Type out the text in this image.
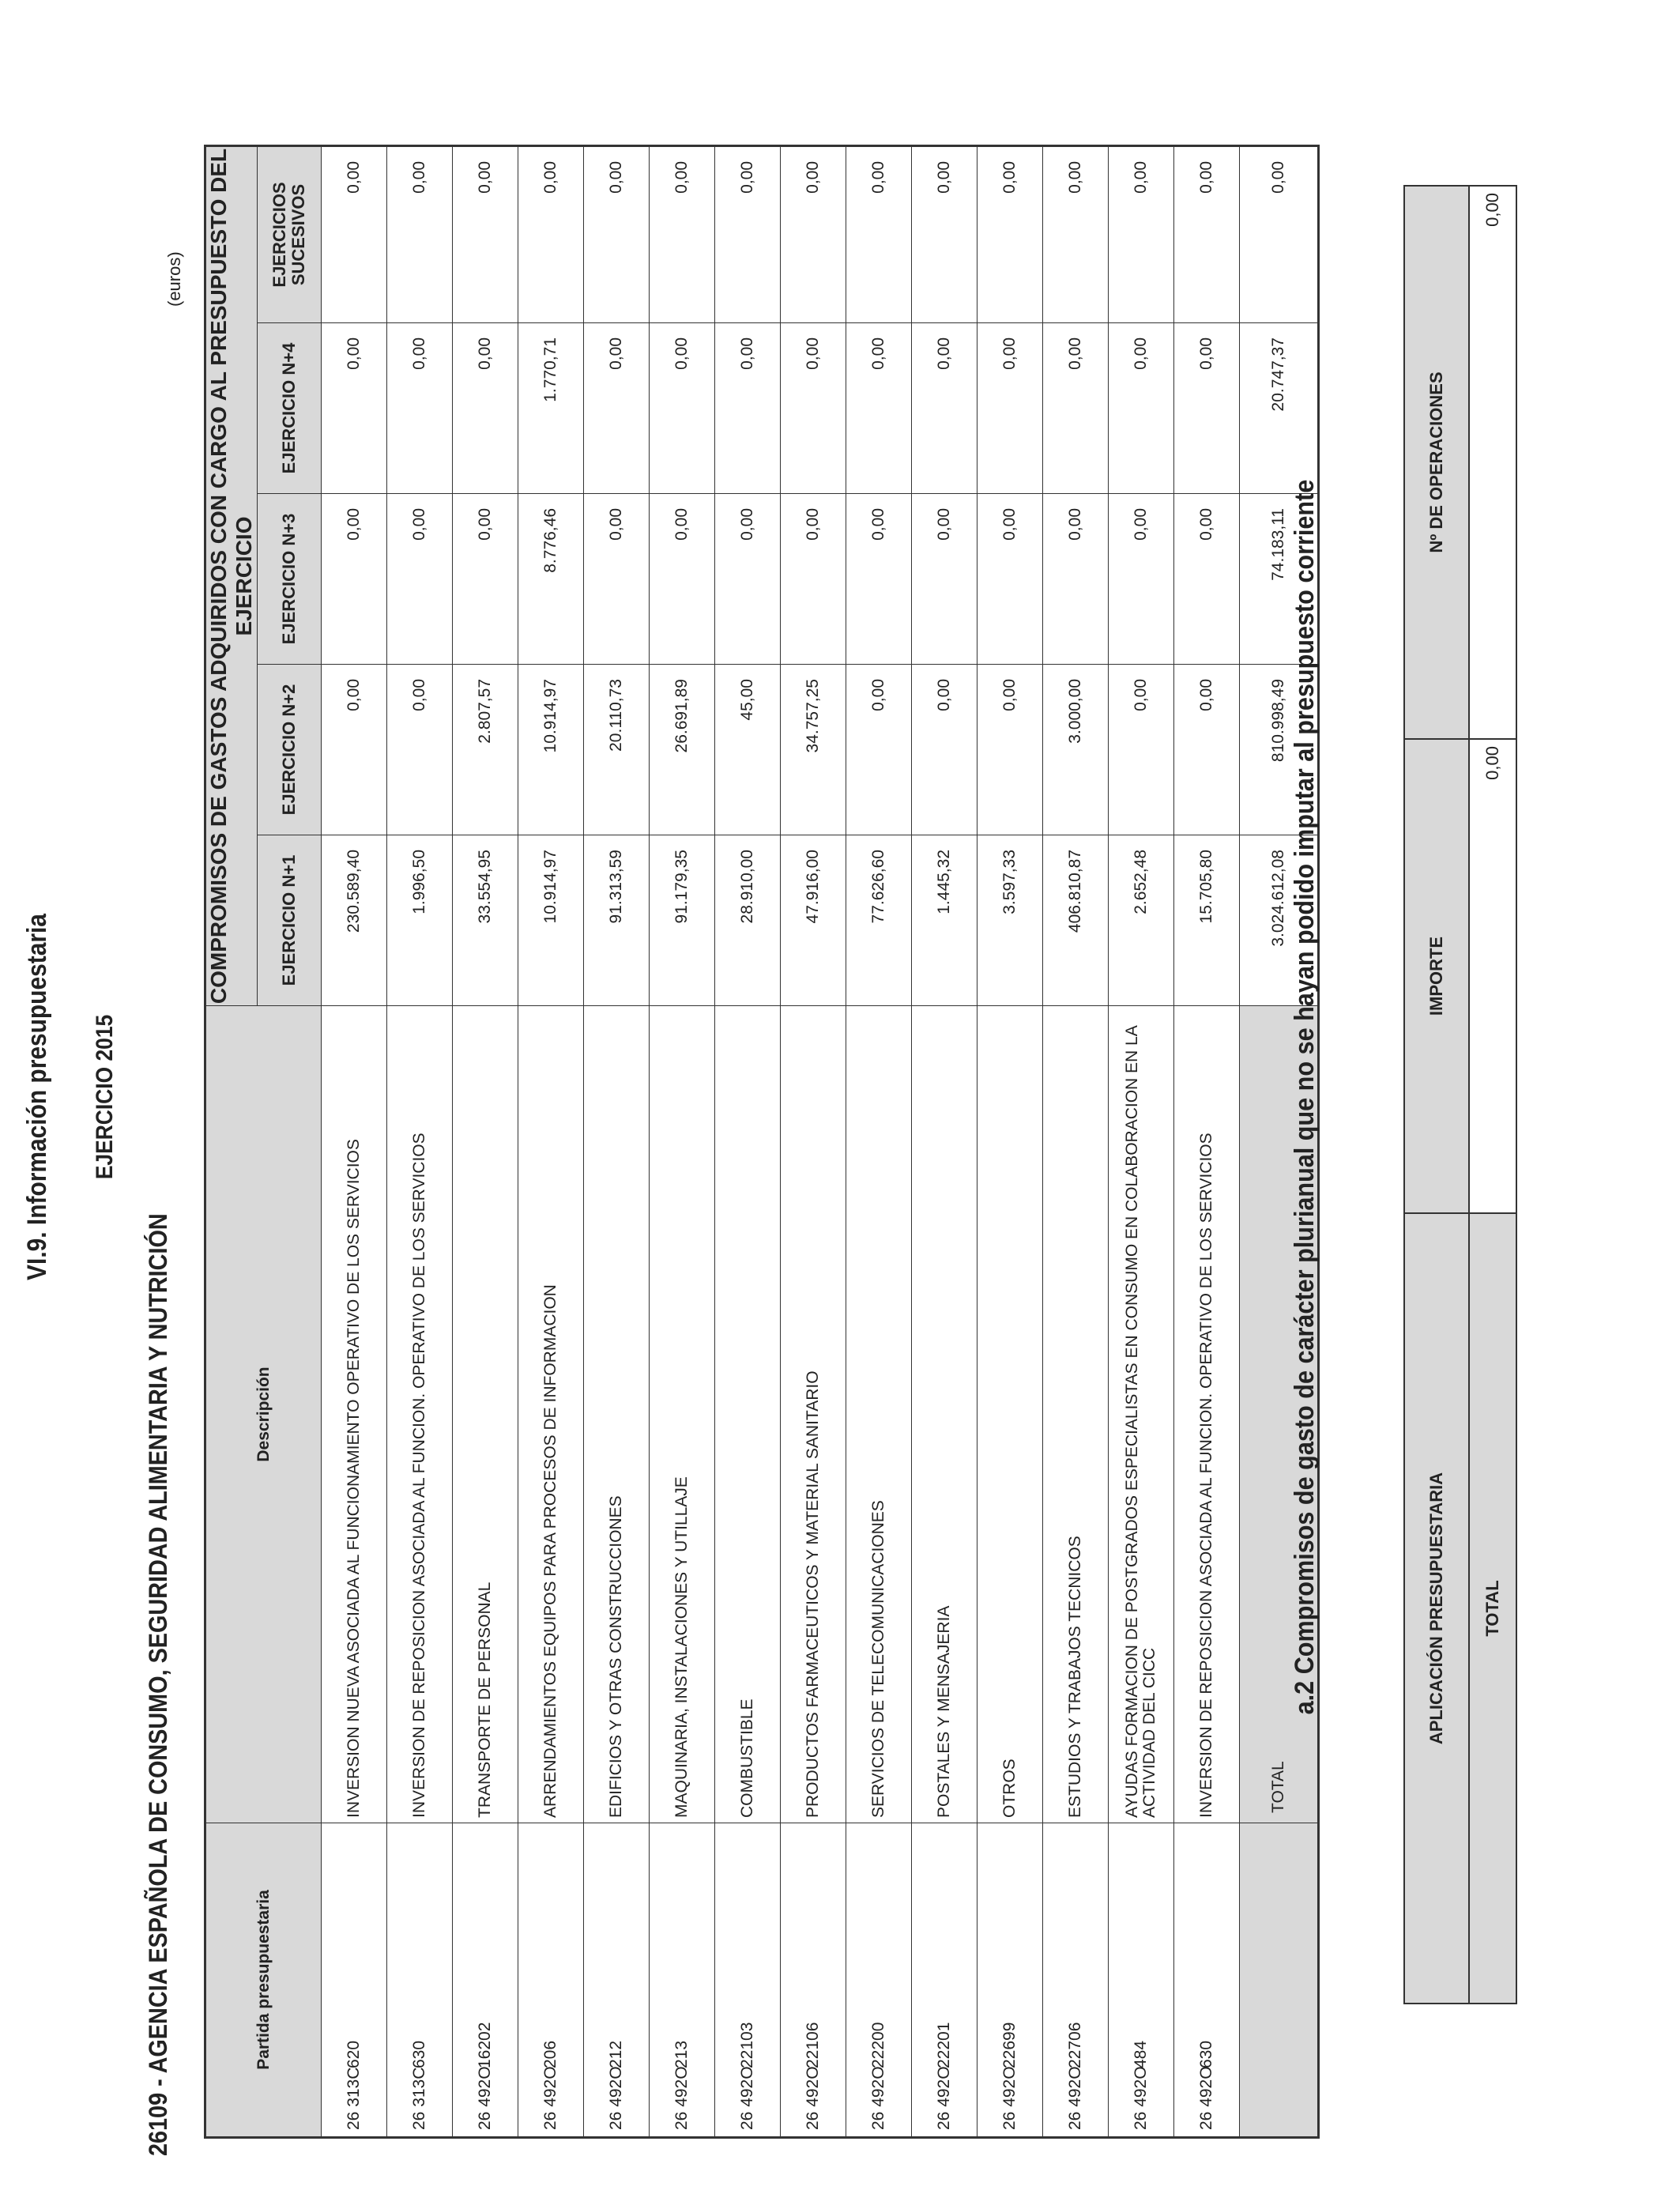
VI.9. Información presupuestaria EJERCICIO 2015
26109 - AGENCIA ESPAÑOLA DE CONSUMO, SEGURIDAD ALIMENTARIA Y NUTRICIÓN
(euros)
Partida presupuestaria	Descripción	COMPROMISOS DE GASTOS ADQUIRIDOS CON CARGO AL PRESUPUESTO DEL EJERCICIO				
		EJERCICIO N+1	EJERCICIO N+2	EJERCICIO N+3	EJERCICIO N+4	EJERCICIOS SUCESIVOS
26 313C620	INVERSION NUEVA ASOCIADA AL FUNCIONAMIENTO OPERATIVO DE LOS SERVICIOS	230.589,40	0,00	0,00	0,00	0,00
26 313C630	INVERSION DE REPOSICION ASOCIADA AL FUNCION. OPERATIVO DE LOS SERVICIOS	1.996,50	0,00	0,00	0,00	0,00
26 492O16202	TRANSPORTE DE PERSONAL	33.554,95	2.807,57	0,00	0,00	0,00
26 492O206	ARRENDAMIENTOS EQUIPOS PARA PROCESOS DE INFORMACION	10.914,97	10.914,97	8.776,46	1.770,71	0,00
26 492O212	EDIFICIOS Y OTRAS CONSTRUCCIONES	91.313,59	20.110,73	0,00	0,00	0,00
26 492O213	MAQUINARIA, INSTALACIONES Y UTILLAJE	91.179,35	26.691,89	0,00	0,00	0,00
26 492O22103	COMBUSTIBLE	28.910,00	45,00	0,00	0,00	0,00
26 492O22106	PRODUCTOS FARMACEUTICOS Y MATERIAL SANITARIO	47.916,00	34.757,25	0,00	0,00	0,00
26 492O22200	SERVICIOS DE TELECOMUNICACIONES	77.626,60	0,00	0,00	0,00	0,00
26 492O22201	POSTALES Y MENSAJERIA	1.445,32	0,00	0,00	0,00	0,00
26 492O22699	OTROS	3.597,33	0,00	0,00	0,00	0,00
26 492O22706	ESTUDIOS Y TRABAJOS TECNICOS	406.810,87	3.000,00	0,00	0,00	0,00
26 492O484	AYUDAS FORMACION DE POSTGRADOS ESPECIALISTAS EN CONSUMO EN COLABORACION EN LA ACTIVIDAD DEL CICC	2.652,48	0,00	0,00	0,00	0,00
26 492O630	INVERSION DE REPOSICION ASOCIADA AL FUNCION. OPERATIVO DE LOS SERVICIOS	15.705,80	0,00	0,00	0,00	0,00
	TOTAL	3.024.612,08	810.998,49	74.183,11	20.747,37	0,00
a.2 Compromisos de gasto de carácter plurianual que no se hayan podido imputar al presupuesto corriente	APLICACIÓN PRESUPUESTARIA	IMPORTE	Nº DE OPERACIONES
TOTAL	0,00	0,00
